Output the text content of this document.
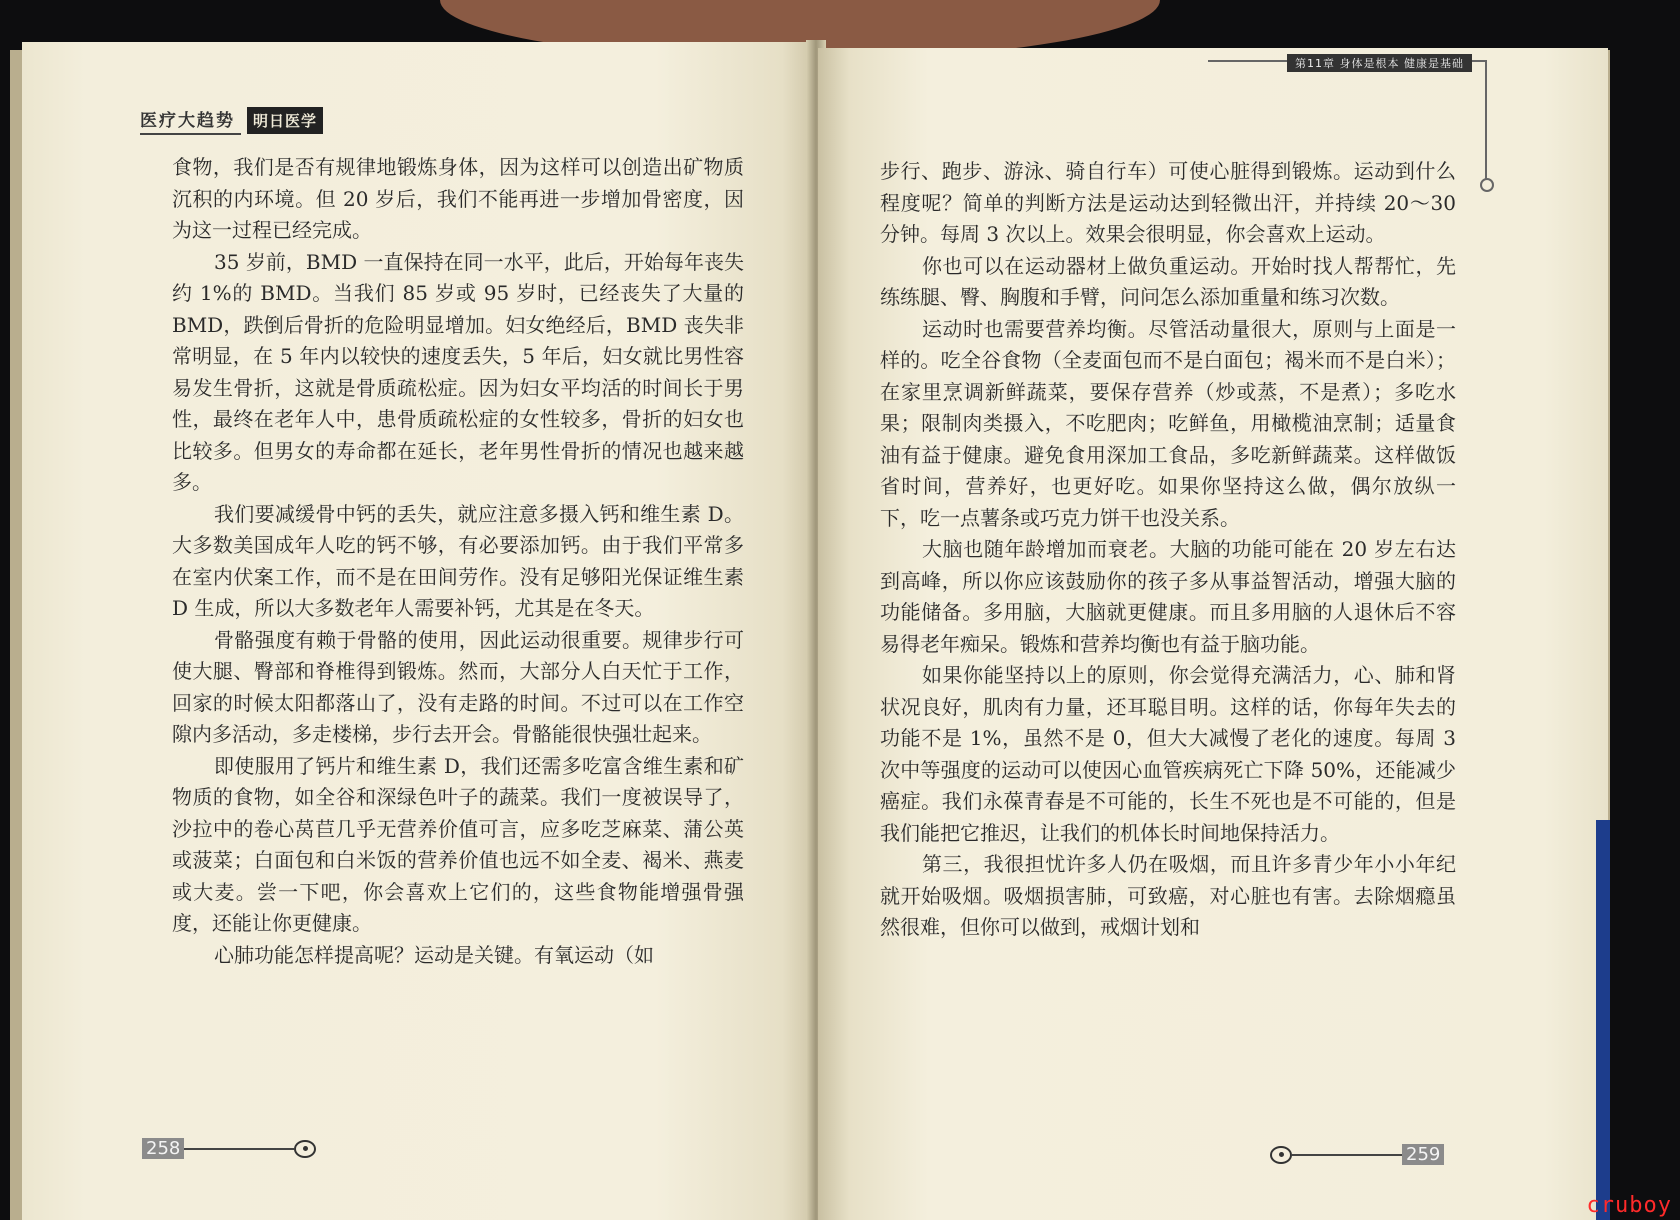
医疗大趋势	明日医学

食物，我们是否有规律地锻炼身体，因为这样可以创造出矿物质沉积的内环境。但 20 岁后，我们不能再进一步增加骨密度，因为这一过程已经完成。

35 岁前，BMD 一直保持在同一水平，此后，开始每年丧失约 1%的 BMD。当我们 85 岁或 95 岁时，已经丧失了大量的 BMD，跌倒后骨折的危险明显增加。妇女绝经后，BMD 丧失非常明显，在 5 年内以较快的速度丢失，5 年后，妇女就比男性容易发生骨折，这就是骨质疏松症。因为妇女平均活的时间长于男性，最终在老年人中，患骨质疏松症的女性较多，骨折的妇女也比较多。但男女的寿命都在延长，老年男性骨折的情况也越来越多。

我们要减缓骨中钙的丢失，就应注意多摄入钙和维生素 D。大多数美国成年人吃的钙不够，有必要添加钙。由于我们平常多在室内伏案工作，而不是在田间劳作。没有足够阳光保证维生素 D 生成，所以大多数老年人需要补钙，尤其是在冬天。

骨骼强度有赖于骨骼的使用，因此运动很重要。规律步行可使大腿、臀部和脊椎得到锻炼。然而，大部分人白天忙于工作，回家的时候太阳都落山了，没有走路的时间。不过可以在工作空隙内多活动，多走楼梯，步行去开会。骨骼能很快强壮起来。

即使服用了钙片和维生素 D，我们还需多吃富含维生素和矿物质的食物，如全谷和深绿色叶子的蔬菜。我们一度被误导了，沙拉中的卷心莴苣几乎无营养价值可言，应多吃芝麻菜、蒲公英或菠菜；白面包和白米饭的营养价值也远不如全麦、褐米、燕麦或大麦。尝一下吧，你会喜欢上它们的，这些食物能增强骨强度，还能让你更健康。

心肺功能怎样提高呢？运动是关键。有氧运动（如

258

步行、跑步、游泳、骑自行车）可使心脏得到锻炼。运动到什么程度呢？简单的判断方法是运动达到轻微出汗，并持续 20～30 分钟。每周 3 次以上。效果会很明显，你会喜欢上运动。

你也可以在运动器材上做负重运动。开始时找人帮帮忙，先练练腿、臀、胸腹和手臂，问问怎么添加重量和练习次数。

运动时也需要营养均衡。尽管活动量很大，原则与上面是一样的。吃全谷食物（全麦面包而不是白面包；褐米而不是白米）；在家里烹调新鲜蔬菜，要保存营养（炒或蒸，不是煮）；多吃水果；限制肉类摄入，不吃肥肉；吃鲜鱼，用橄榄油烹制；适量食油有益于健康。避免食用深加工食品，多吃新鲜蔬菜。这样做饭省时间，营养好，也更好吃。如果你坚持这么做，偶尔放纵一下，吃一点薯条或巧克力饼干也没关系。

大脑也随年龄增加而衰老。大脑的功能可能在 20 岁左右达到高峰，所以你应该鼓励你的孩子多从事益智活动，增强大脑的功能储备。多用脑，大脑就更健康。而且多用脑的人退休后不容易得老年痴呆。锻炼和营养均衡也有益于脑功能。

如果你能坚持以上的原则，你会觉得充满活力，心、肺和肾状况良好，肌肉有力量，还耳聪目明。这样的话，你每年失去的功能不是 1%，虽然不是 0，但大大减慢了老化的速度。每周 3 次中等强度的运动可以使因心血管疾病死亡下降 50%，还能减少癌症。我们永葆青春是不可能的，长生不死也是不可能的，但是我们能把它推迟，让我们的机体长时间地保持活力。

第三，我很担忧许多人仍在吸烟，而且许多青少年小小年纪就开始吸烟。吸烟损害肺，可致癌，对心脏也有害。去除烟瘾虽然很难，但你可以做到，戒烟计划和

259
第11章 身体是根本 健康是基础
cruboy
